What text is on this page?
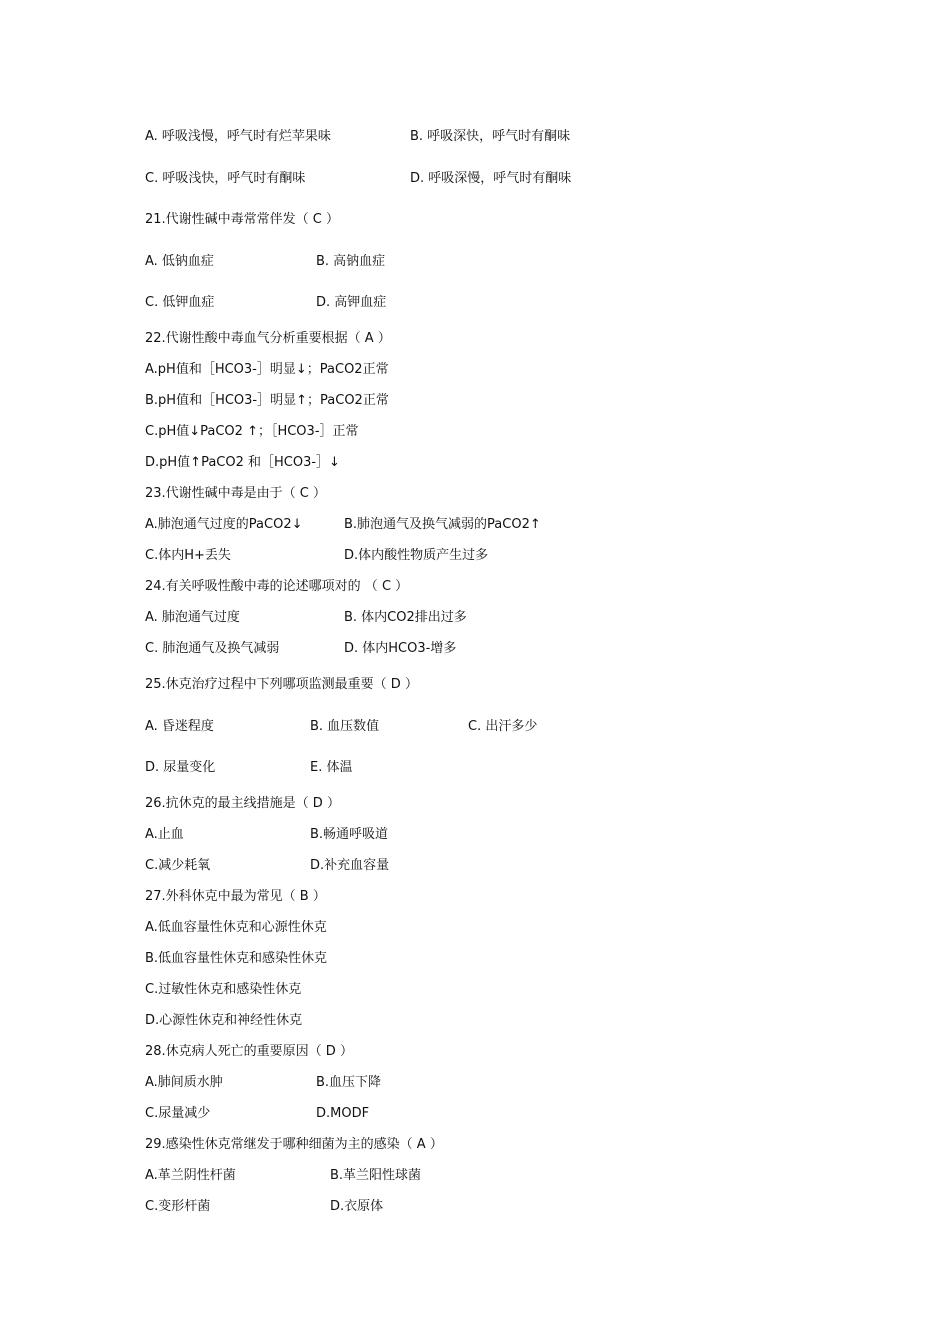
A. 呼吸浅慢，呼气时有烂苹果味	B. 呼吸深快，呼气时有酮味
C. 呼吸浅快，呼气时有酮味	D. 呼吸深慢，呼气时有酮味
21.代谢性碱中毒常常伴发（ C ）
A. 低钠血症	B. 高钠血症
C. 低钾血症	D. 高钾血症
22.代谢性酸中毒血气分析重要根据（ A ）
A.pH值和［HCO3-］明显↓；PaCO2正常
B.pH值和［HCO3-］明显↑；PaCO2正常
C.pH值↓PaCO2 ↑；［HCO3-］正常
D.pH值↑PaCO2 和［HCO3-］↓
23.代谢性碱中毒是由于（ C ）
A.肺泡通气过度的PaCO2↓	B.肺泡通气及换气减弱的PaCO2↑
C.体内H+丢失	D.体内酸性物质产生过多
24.有关呼吸性酸中毒的论述哪项对的 （ C ）
A. 肺泡通气过度	B. 体内CO2排出过多
C. 肺泡通气及换气减弱	D. 体内HCO3-增多
25.休克治疗过程中下列哪项监测最重要（ D ）
A. 昏迷程度	B. 血压数值	C. 出汗多少
D. 尿量变化	E. 体温
26.抗休克的最主线措施是（ D ）
A.止血	B.畅通呼吸道
C.减少耗氧	D.补充血容量
27.外科休克中最为常见（ B ）
A.低血容量性休克和心源性休克
B.低血容量性休克和感染性休克
C.过敏性休克和感染性休克
D.心源性休克和神经性休克
28.休克病人死亡的重要原因（ D ）
A.肺间质水肿	B.血压下降
C.尿量减少	D.MODF
29.感染性休克常继发于哪种细菌为主的感染（ A ）
A.革兰阴性杆菌	B.革兰阳性球菌
C.变形杆菌	D.衣原体
